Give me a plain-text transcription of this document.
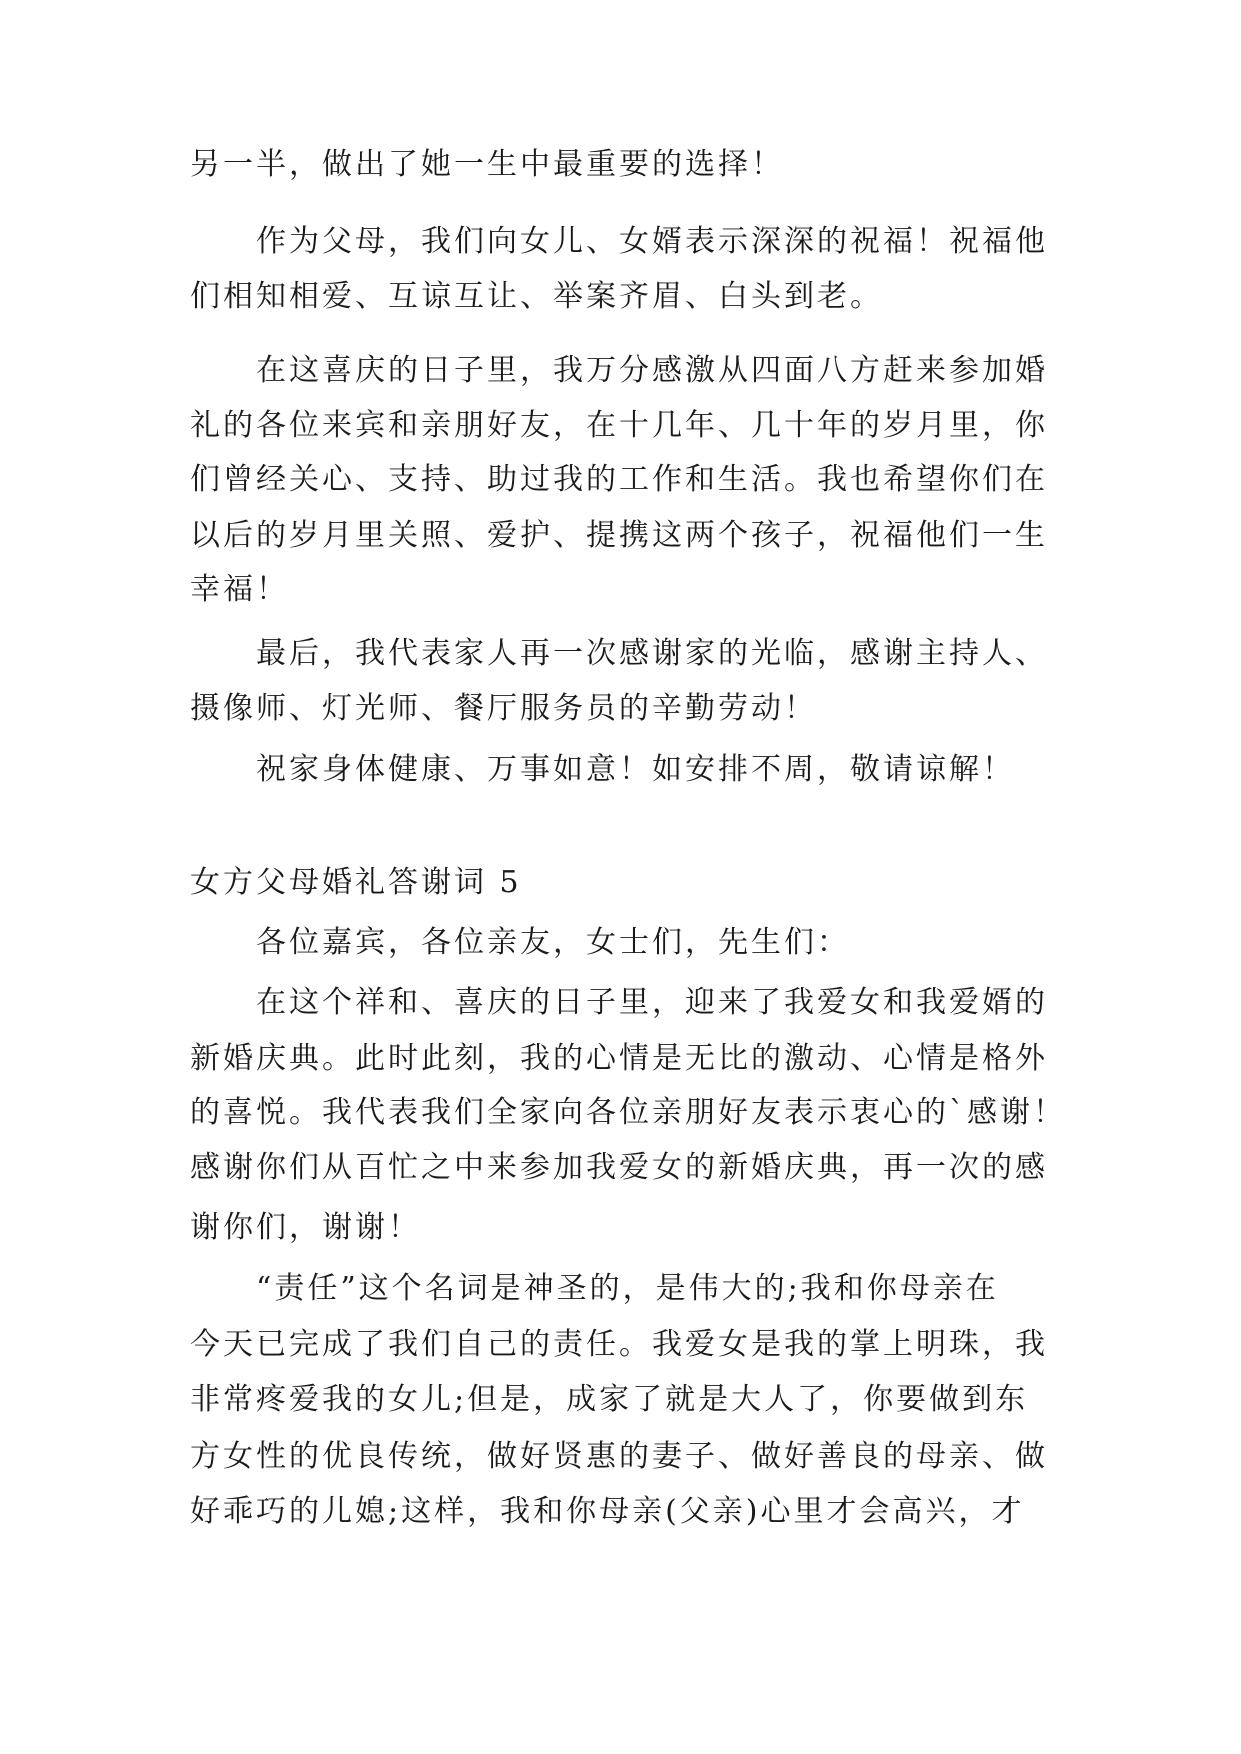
另一半，做出了她一生中最重要的选择！
作为父母，我们向女儿、女婿表示深深的祝福！祝福他
们相知相爱、互谅互让、举案齐眉、白头到老。
在这喜庆的日子里，我万分感激从四面八方赶来参加婚
礼的各位来宾和亲朋好友，在十几年、几十年的岁月里，你
们曾经关心、支持、助过我的工作和生活。我也希望你们在
以后的岁月里关照、爱护、提携这两个孩子，祝福他们一生
幸福！
最后，我代表家人再一次感谢家的光临，感谢主持人、
摄像师、灯光师、餐厅服务员的辛勤劳动！
祝家身体健康、万事如意！如安排不周，敬请谅解！
女方父母婚礼答谢词 5
各位嘉宾，各位亲友，女士们，先生们：
在这个祥和、喜庆的日子里，迎来了我爱女和我爱婿的
新婚庆典。此时此刻，我的心情是无比的激动、心情是格外
的喜悦。我代表我们全家向各位亲朋好友表示衷心的`感谢！
感谢你们从百忙之中来参加我爱女的新婚庆典，再一次的感
谢你们，谢谢！
“责任”这个名词是神圣的，是伟大的;我和你母亲在
今天已完成了我们自己的责任。我爱女是我的掌上明珠，我
非常疼爱我的女儿;但是，成家了就是大人了，你要做到东
方女性的优良传统，做好贤惠的妻子、做好善良的母亲、做
好乖巧的儿媳;这样，我和你母亲(父亲)心里才会高兴，才
